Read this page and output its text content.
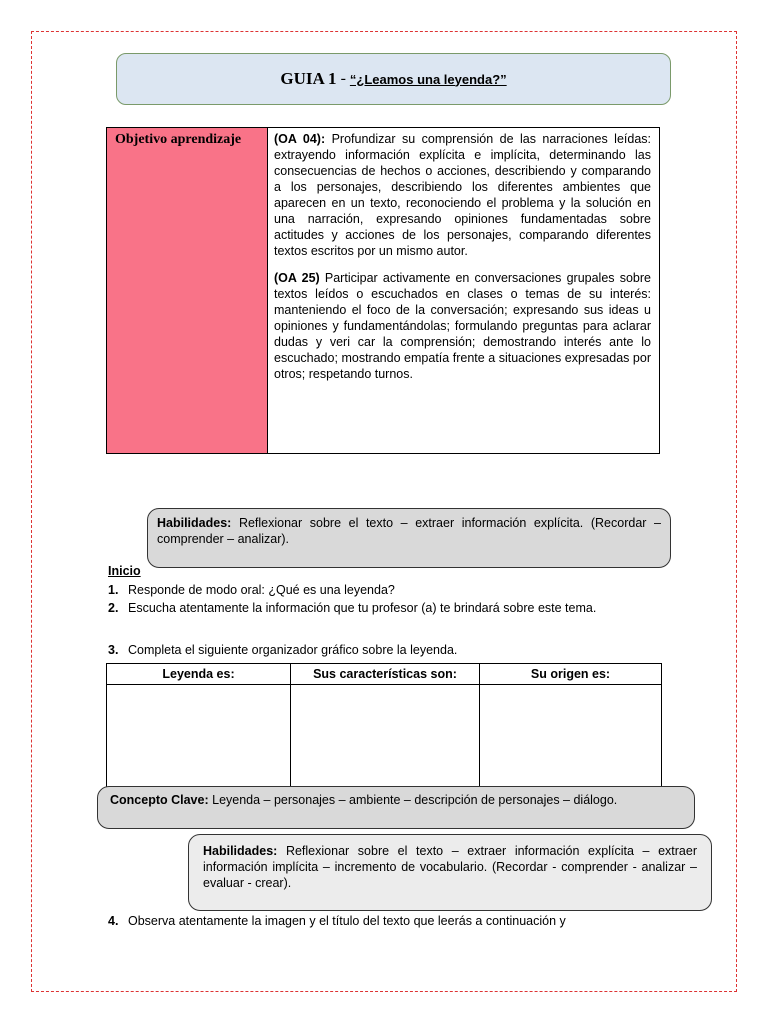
GUIA 1 - “¿Leamos una leyenda?”
Objetivo aprendizaje	(OA 04): Profundizar su comprensión de las narraciones leídas: extrayendo información explícita e implícita, determinando las consecuencias de hechos o acciones, describiendo y comparando a los personajes, describiendo los diferentes ambientes que aparecen en un texto, reconociendo el problema y la solución en una narración, expresando opiniones fundamentadas sobre actitudes y acciones de los personajes, comparando diferentes textos escritos por un mismo autor.

(OA 25) Participar activamente en conversaciones grupales sobre textos leídos o escuchados en clases o temas de su interés: manteniendo el foco de la conversación; expresando sus ideas u opiniones y fundamentándolas; formulando preguntas para aclarar dudas y veri car la comprensión; demostrando interés ante lo escuchado; mostrando empatía frente a situaciones expresadas por otros; respetando turnos.

Habilidades: Reflexionar sobre el texto – extraer información explícita. (Recordar – comprender – analizar).
Inicio
1. Responde de modo oral: ¿Qué es una leyenda?
2. Escucha atentamente la información que tu profesor (a) te brindará sobre este tema.
3. Completa el siguiente organizador gráfico sobre la leyenda.
Leyenda es:	Sus características son:	Su origen es:

Concepto Clave: Leyenda – personajes – ambiente – descripción de personajes – diálogo.
Habilidades: Reflexionar sobre el texto – extraer información explícita – extraer información implícita – incremento de vocabulario. (Recordar - comprender - analizar – evaluar - crear).
4. Observa atentamente la imagen y el título del texto que leerás a continuación y
